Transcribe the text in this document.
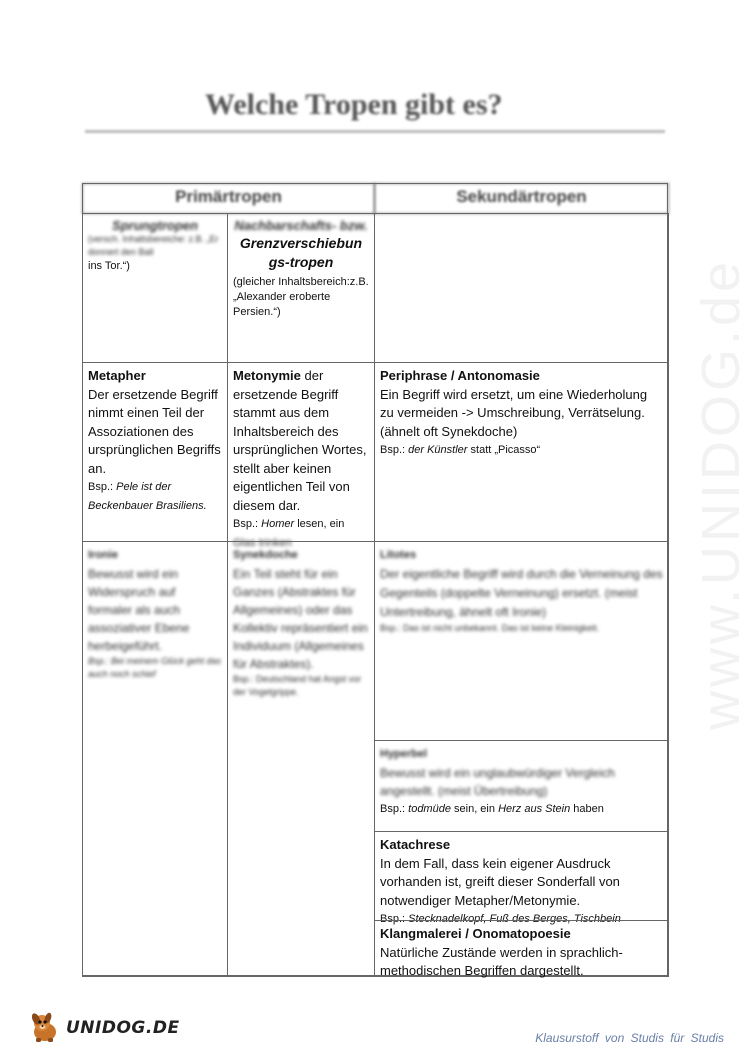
Welche Tropen gibt es?
www.UNIDOG.de
Primärtropen	Sekundärtropen
Sprungtropen
(versch. Inhaltsbereiche: z.B. „Er donnert den Ball
ins Tor.“)
Nachbarschafts- bzw.
Grenzverschiebun gs-tropen
(gleicher Inhaltsbereich:z.B. „Alexander eroberte Persien.“)
Metapher
Der ersetzende Begriff nimmt einen Teil der Assoziationen des ursprünglichen Begriffs an.
Bsp.: Pele ist der Beckenbauer Brasiliens.
Metonymie der ersetzende Begriff stammt aus dem Inhaltsbereich des ursprünglichen Wortes, stellt aber keinen eigentlichen Teil von diesem dar.
Bsp.: Homer lesen, ein Glas trinken
Periphrase / Antonomasie
Ein Begriff wird ersetzt, um eine Wiederholung zu vermeiden -> Umschreibung, Verrätselung. (ähnelt oft Synekdoche)
Bsp.: der Künstler statt „Picasso“
Ironie
Bewusst wird ein Widerspruch auf formaler als auch assoziativer Ebene herbeigeführt.
Bsp.: Bei meinem Glück geht das auch noch schief
Synekdoche
Ein Teil steht für ein Ganzes (Abstraktes für Allgemeines) oder das Kollektiv repräsentiert ein Individuum (Allgemeines für Abstraktes).
Bsp.: Deutschland hat Angst vor der Vogelgrippe.
Litotes
Der eigentliche Begriff wird durch die Verneinung des Gegenteils (doppelte Verneinung) ersetzt. (meist Untertreibung, ähnelt oft Ironie)
Bsp.: Das ist nicht unbekannt. Das ist keine Kleinigkeit.
Hyperbel
Bewusst wird ein unglaubwürdiger Vergleich angestellt. (meist Übertreibung)
Bsp.: todmüde sein, ein Herz aus Stein haben
Katachrese
In dem Fall, dass kein eigener Ausdruck vorhanden ist, greift dieser Sonderfall von notwendiger Metapher/Metonymie.
Bsp.: Stecknadelkopf, Fuß des Berges, Tischbein
Klangmalerei / Onomatopoesie
Natürliche Zustände werden in sprachlich-methodischen Begriffen dargestellt.
UNIDOG.DE	Klausurstoff von Studis für Studis
